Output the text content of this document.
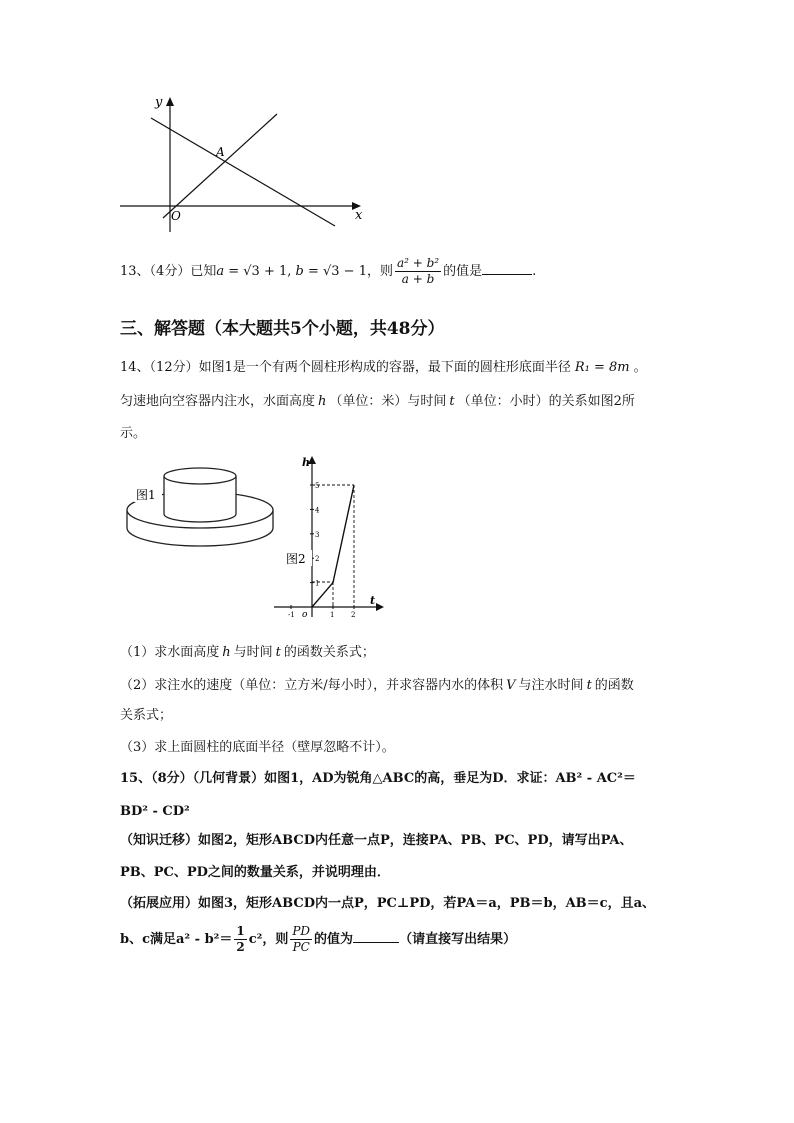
y
x
O
A
13、（4分）已知a = √3 + 1, b = √3 − 1，则 $\frac{\text{a² + b²}}{a + b}$ 的值是	.
三、解答题（本大题共5个小题，共48分）
14、（12分）如图1是一个有两个圆柱形构成的容器，最下面的圆柱形底面半径 R₁ = 8m 。
匀速地向空容器内注水，水面高度 h （单位：米）与时间 t （单位：小时）的关系如图2所
示。
图1
1
2
3
4
5
-1	1 2
h
t
o
图2
（1）求水面高度 h 与时间 t 的函数关系式；
（2）求注水的速度（单位：立方米/每小时），并求容器内水的体积 V 与注水时间 t 的函数
关系式；
（3）求上面圆柱的底面半径（壁厚忽略不计）。
15、（8分）（几何背景）如图1，AD为锐角△ABC的高，垂足为D．求证：AB² - AC²＝
BD² - CD²
（知识迁移）如图2，矩形ABCD内任意一点P，连接PA、PB、PC、PD，请写出PA、
PB、PC、PD之间的数量关系，并说明理由．
（拓展应用）如图3，矩形ABCD内一点P，PC⊥PD，若PA＝a，PB＝b，AB＝c，且a、
b、c满足$a^2 - b^2= \frac{1}{2} c^2$，则 $\frac{PD}{PC}$ 的值为	（请直接写出结果）
